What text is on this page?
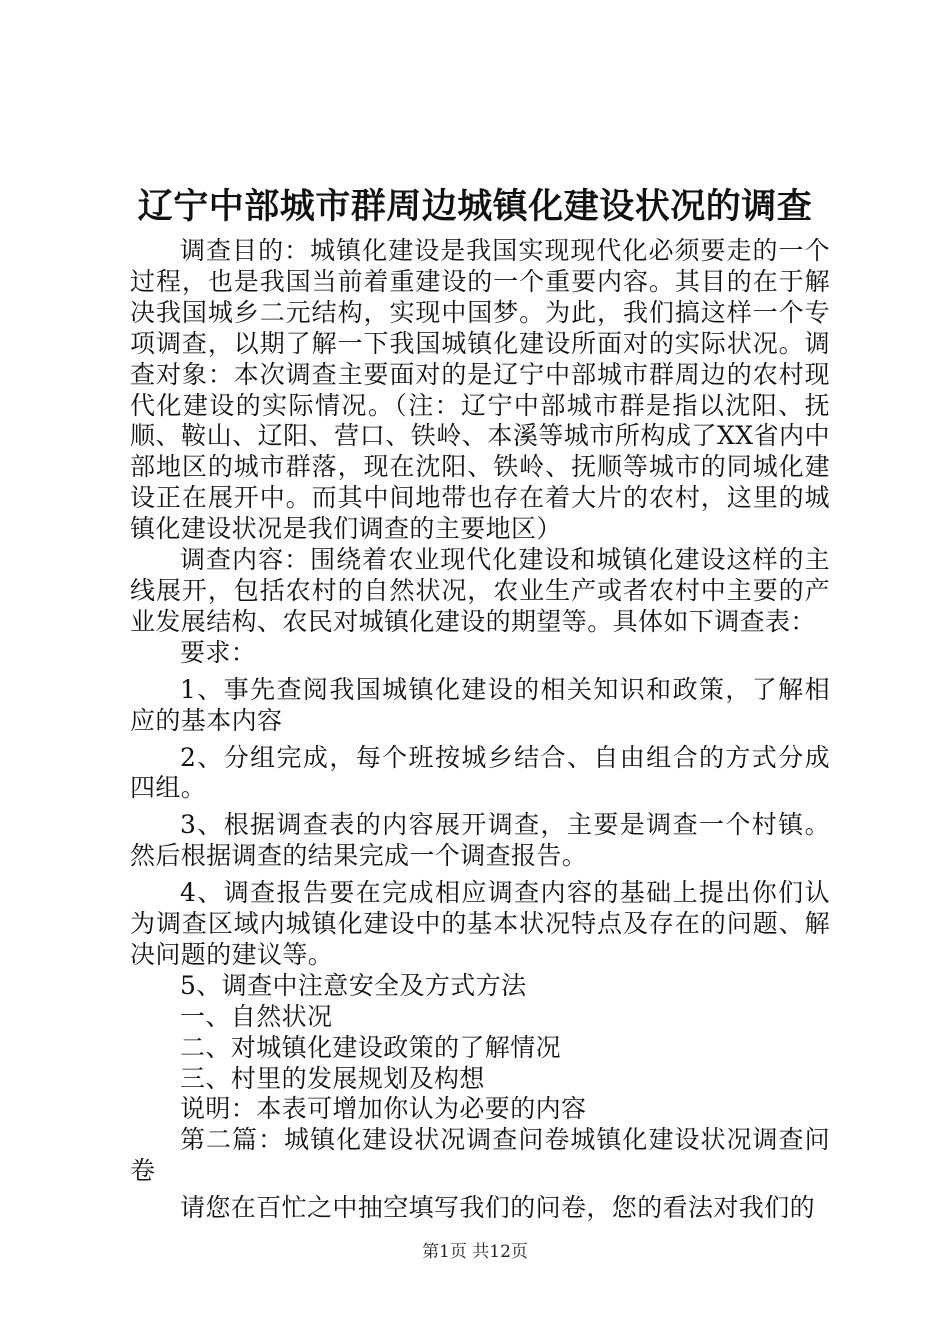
辽宁中部城市群周边城镇化建设状况的调查

调查目的：城镇化建设是我国实现现代化必须要走的一个过程，也是我国当前着重建设的一个重要内容。其目的在于解决我国城乡二元结构，实现中国梦。为此，我们搞这样一个专项调查，以期了解一下我国城镇化建设所面对的实际状况。调查对象：本次调查主要面对的是辽宁中部城市群周边的农村现代化建设的实际情况。（注：辽宁中部城市群是指以沈阳、抚顺、鞍山、辽阳、营口、铁岭、本溪等城市所构成了XX省内中部地区的城市群落，现在沈阳、铁岭、抚顺等城市的同城化建设正在展开中。而其中间地带也存在着大片的农村，这里的城镇化建设状况是我们调查的主要地区）

调查内容：围绕着农业现代化建设和城镇化建设这样的主线展开，包括农村的自然状况，农业生产或者农村中主要的产业发展结构、农民对城镇化建设的期望等。具体如下调查表：

要求：

1、事先查阅我国城镇化建设的相关知识和政策，了解相应的基本内容

2、分组完成，每个班按城乡结合、自由组合的方式分成四组。

3、根据调查表的内容展开调查，主要是调查一个村镇。然后根据调查的结果完成一个调查报告。

4、调查报告要在完成相应调查内容的基础上提出你们认为调查区域内城镇化建设中的基本状况特点及存在的问题、解决问题的建议等。

5、调查中注意安全及方式方法

一、自然状况

二、对城镇化建设政策的了解情况

三、村里的发展规划及构想

说明：本表可增加你认为必要的内容

第二篇：城镇化建设状况调查问卷城镇化建设状况调查问卷

请您在百忙之中抽空填写我们的问卷，您的看法对我们的

第1页 共12页
